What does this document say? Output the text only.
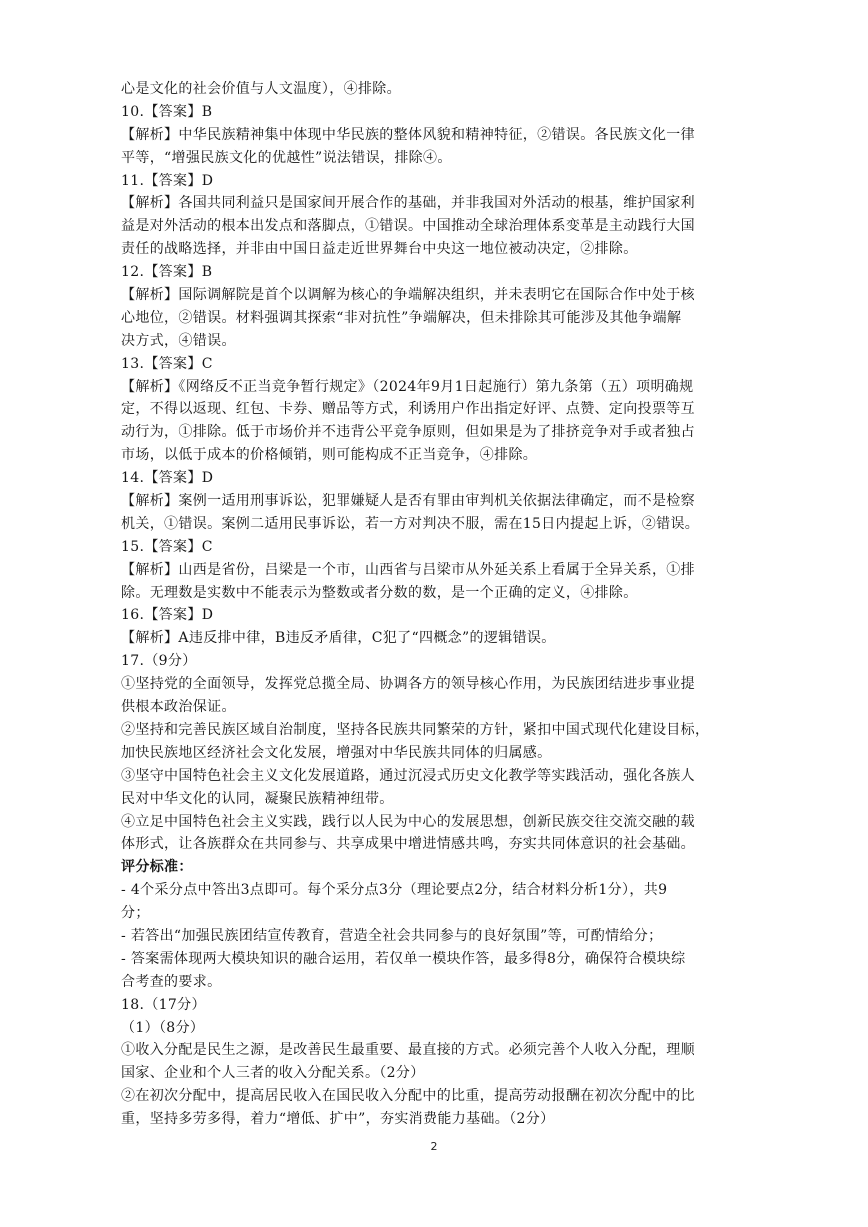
心是文化的社会价值与人文温度），④排除。
10.【答案】B
【解析】中华民族精神集中体现中华民族的整体风貌和精神特征，②错误。各民族文化一律
平等，“增强民族文化的优越性”说法错误，排除④。
11.【答案】D
【解析】各国共同利益只是国家间开展合作的基础，并非我国对外活动的根基，维护国家利
益是对外活动的根本出发点和落脚点，①错误。中国推动全球治理体系变革是主动践行大国
责任的战略选择，并非由中国日益走近世界舞台中央这一地位被动决定，②排除。
12.【答案】B
【解析】国际调解院是首个以调解为核心的争端解决组织，并未表明它在国际合作中处于核
心地位，②错误。材料强调其探索“非对抗性”争端解决，但未排除其可能涉及其他争端解
决方式，④错误。
13.【答案】C
【解析】《网络反不正当竞争暂行规定》（2024年9月1日起施行）第九条第（五）项明确规
定，不得以返现、红包、卡券、赠品等方式，利诱用户作出指定好评、点赞、定向投票等互
动行为，①排除。低于市场价并不违背公平竞争原则，但如果是为了排挤竞争对手或者独占
市场，以低于成本的价格倾销，则可能构成不正当竞争，④排除。
14.【答案】D
【解析】案例一适用刑事诉讼，犯罪嫌疑人是否有罪由审判机关依据法律确定，而不是检察
机关，①错误。案例二适用民事诉讼，若一方对判决不服，需在15日内提起上诉，②错误。
15.【答案】C
【解析】山西是省份，吕梁是一个市，山西省与吕梁市从外延关系上看属于全异关系，①排
除。无理数是实数中不能表示为整数或者分数的数，是一个正确的定义，④排除。
16.【答案】D
【解析】A违反排中律，B违反矛盾律，C犯了“四概念”的逻辑错误。
17.（9分）
①坚持党的全面领导，发挥党总揽全局、协调各方的领导核心作用，为民族团结进步事业提
供根本政治保证。
②坚持和完善民族区域自治制度，坚持各民族共同繁荣的方针，紧扣中国式现代化建设目标，
加快民族地区经济社会文化发展，增强对中华民族共同体的归属感。
③坚守中国特色社会主义文化发展道路，通过沉浸式历史文化教学等实践活动，强化各族人
民对中华文化的认同，凝聚民族精神纽带。
④立足中国特色社会主义实践，践行以人民为中心的发展思想，创新民族交往交流交融的载
体形式，让各族群众在共同参与、共享成果中增进情感共鸣，夯实共同体意识的社会基础。
评分标准：
- 4个采分点中答出3点即可。每个采分点3分（理论要点2分，结合材料分析1分），共9
分；
- 若答出“加强民族团结宣传教育，营造全社会共同参与的良好氛围”等，可酌情给分；
- 答案需体现两大模块知识的融合运用，若仅单一模块作答，最多得8分，确保符合模块综
合考查的要求。
18.（17分）
（1）（8分）
①收入分配是民生之源，是改善民生最重要、最直接的方式。必须完善个人收入分配，理顺
国家、企业和个人三者的收入分配关系。（2分）
②在初次分配中，提高居民收入在国民收入分配中的比重，提高劳动报酬在初次分配中的比
重，坚持多劳多得，着力“增低、扩中”，夯实消费能力基础。（2分）
2
